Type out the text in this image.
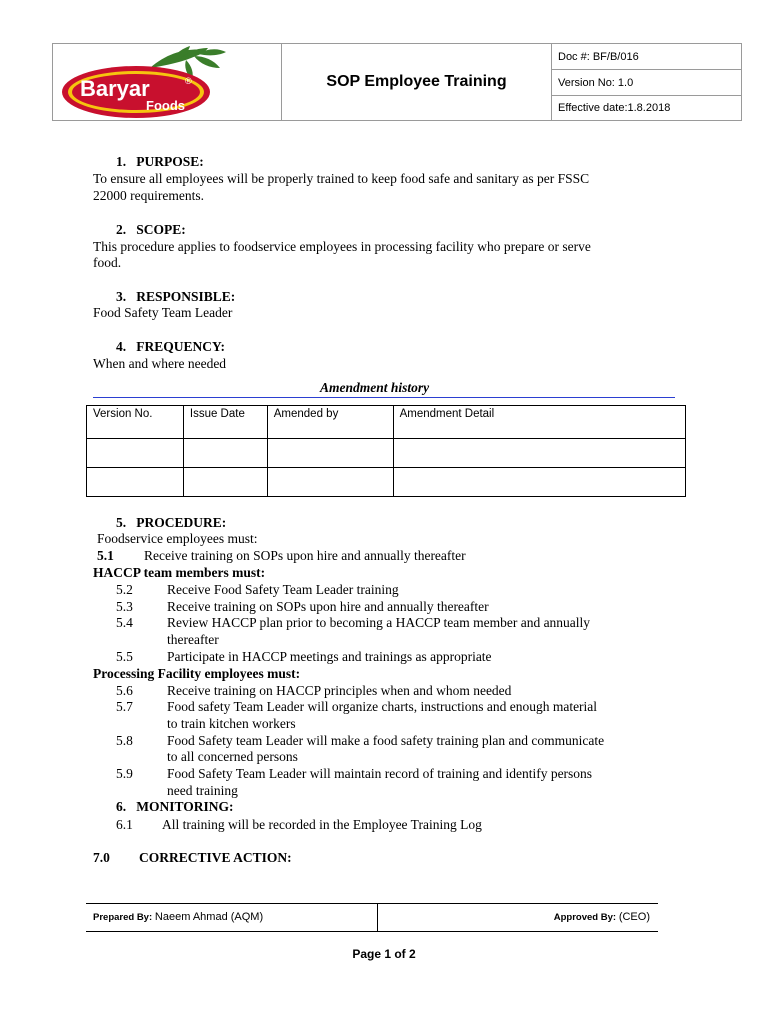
Baryar	®
Foods
SOP Employee Training
Doc #: BF/B/016
Version No: 1.0
Effective date:1.8.2018
1.   PURPOSE:
To ensure all employees will be properly trained to keep food safe and sanitary as per FSSC
22000 requirements.
2.   SCOPE:
This procedure applies to foodservice employees in processing facility who prepare or serve
food.
3.   RESPONSIBLE:
Food Safety Team Leader
4.   FREQUENCY:
When and where needed
Amendment history
Version No.	Issue Date	Amended by	Amendment Detail

5.   PROCEDURE:
Foodservice employees must:
5.1 Receive training on SOPs upon hire and annually thereafter
HACCP team members must:
5.2	Receive Food Safety Team Leader training
5.3	Receive training on SOPs upon hire and annually thereafter
5.4	Review HACCP plan prior to becoming a HACCP team member and annually
thereafter
5.5	Participate in HACCP meetings and trainings as appropriate
Processing Facility employees must:
5.6	Receive training on HACCP principles when and whom needed
5.7	Food safety Team Leader will organize charts, instructions and enough material
to train kitchen workers
5.8	Food Safety team Leader will make a food safety training plan and communicate
to all concerned persons
5.9	Food Safety Team Leader will maintain record of training and identify persons
need training
6.   MONITORING:
6.1 All training will be recorded in the Employee Training Log
7.0 CORRECTIVE ACTION:
Prepared By: Naeem Ahmad (AQM)	Approved By: (CEO)
Page 1 of 2
